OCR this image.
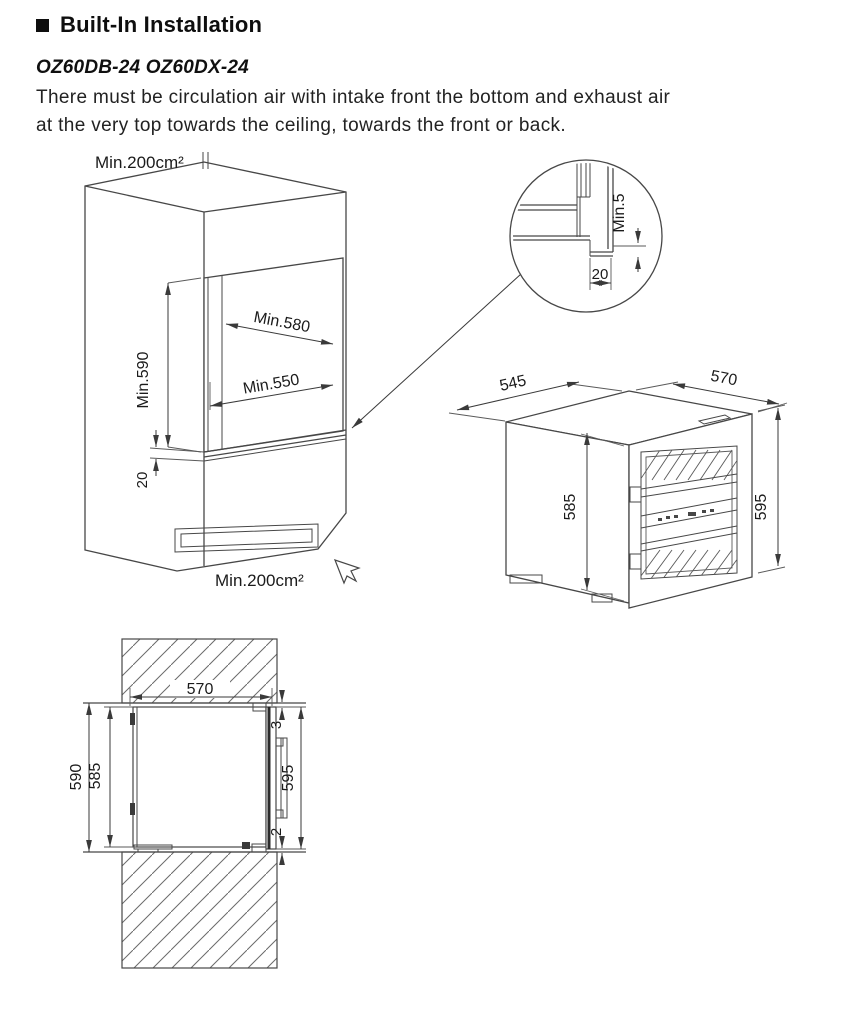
Built-In Installation
OZ60DB-24 OZ60DX-24
There must be circulation air with intake front the bottom and exhaust air
at the very top towards the ceiling, towards the front or back.
Min.590
20
Min.580
Min.550
Min.200cm²
Min.200cm²
Min.5
20
545	570
585	595
570
590 585
3
595
2
